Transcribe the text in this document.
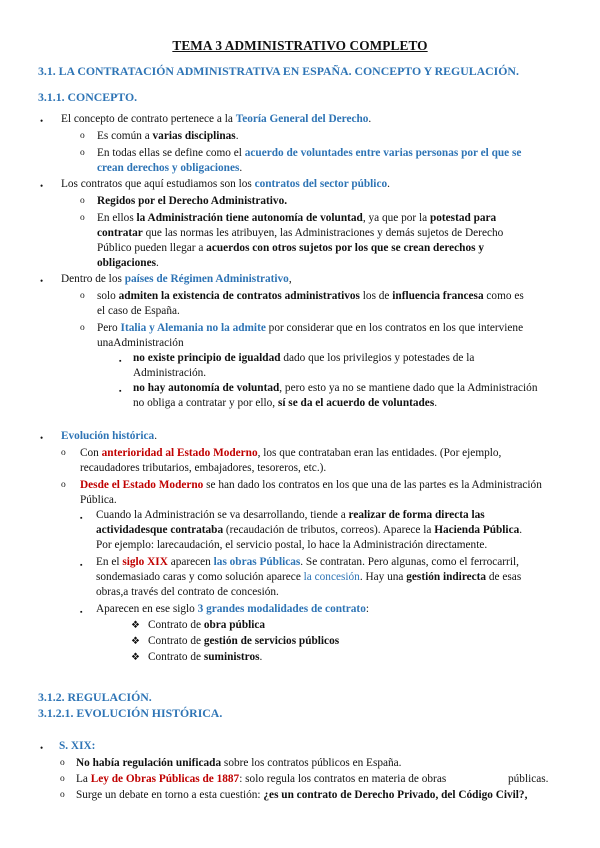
TEMA 3 ADMINISTRATIVO COMPLETO
3.1. LA CONTRATACIÓN ADMINISTRATIVA EN ESPAÑA. CONCEPTO Y REGULACIÓN.
3.1.1. CONCEPTO.
• El concepto de contrato pertenece a la Teoría General del Derecho.
o Es común a varias disciplinas.
o En todas ellas se define como el acuerdo de voluntades entre varias personas por el que se
crean derechos y obligaciones.
• Los contratos que aquí estudiamos son los contratos del sector público.
o Regidos por el Derecho Administrativo.
o En ellos la Administración tiene autonomía de voluntad, ya que por la potestad para
contratar que las normas les atribuyen, las Administraciones y demás sujetos de Derecho
Público pueden llegar a acuerdos con otros sujetos por los que se crean derechos y
obligaciones.
• Dentro de los países de Régimen Administrativo,
o solo admiten la existencia de contratos administrativos los de influencia francesa como es
el caso de España.
o Pero Italia y Alemania no la admite por considerar que en los contratos en los que interviene
unaAdministración
▪ no existe principio de igualdad dado que los privilegios y potestades de la
Administración.
▪ no hay autonomía de voluntad, pero esto ya no se mantiene dado que la Administración
no obliga a contratar y por ello, sí se da el acuerdo de voluntades.
• Evolución histórica.
o Con anterioridad al Estado Moderno, los que contrataban eran las entidades. (Por ejemplo,
recaudadores tributarios, embajadores, tesoreros, etc.).
o Desde el Estado Moderno se han dado los contratos en los que una de las partes es la Administración
Pública.
▪ Cuando la Administración se va desarrollando, tiende a realizar de forma directa las
actividadesque contrataba (recaudación de tributos, correos). Aparece la Hacienda Pública.
Por ejemplo: larecaudación, el servicio postal, lo hace la Administración directamente.
▪ En el siglo XIX aparecen las obras Públicas. Se contratan. Pero algunas, como el ferrocarril,
sondemasiado caras y como solución aparece la concesión. Hay una gestión indirecta de esas
obras,a través del contrato de concesión.
▪ Aparecen en ese siglo 3 grandes modalidades de contrato:
❖ Contrato de obra pública
❖ Contrato de gestión de servicios públicos
❖ Contrato de suministros.
3.1.2. REGULACIÓN.
3.1.2.1. EVOLUCIÓN HISTÓRICA.
• S. XIX:
o No había regulación unificada sobre los contratos públicos en España.
o La Ley de Obras Públicas de 1887: solo regula los contratos en materia de obras	públicas.
o Surge un debate en torno a esta cuestión: ¿es un contrato de Derecho Privado, del Código Civil?,
